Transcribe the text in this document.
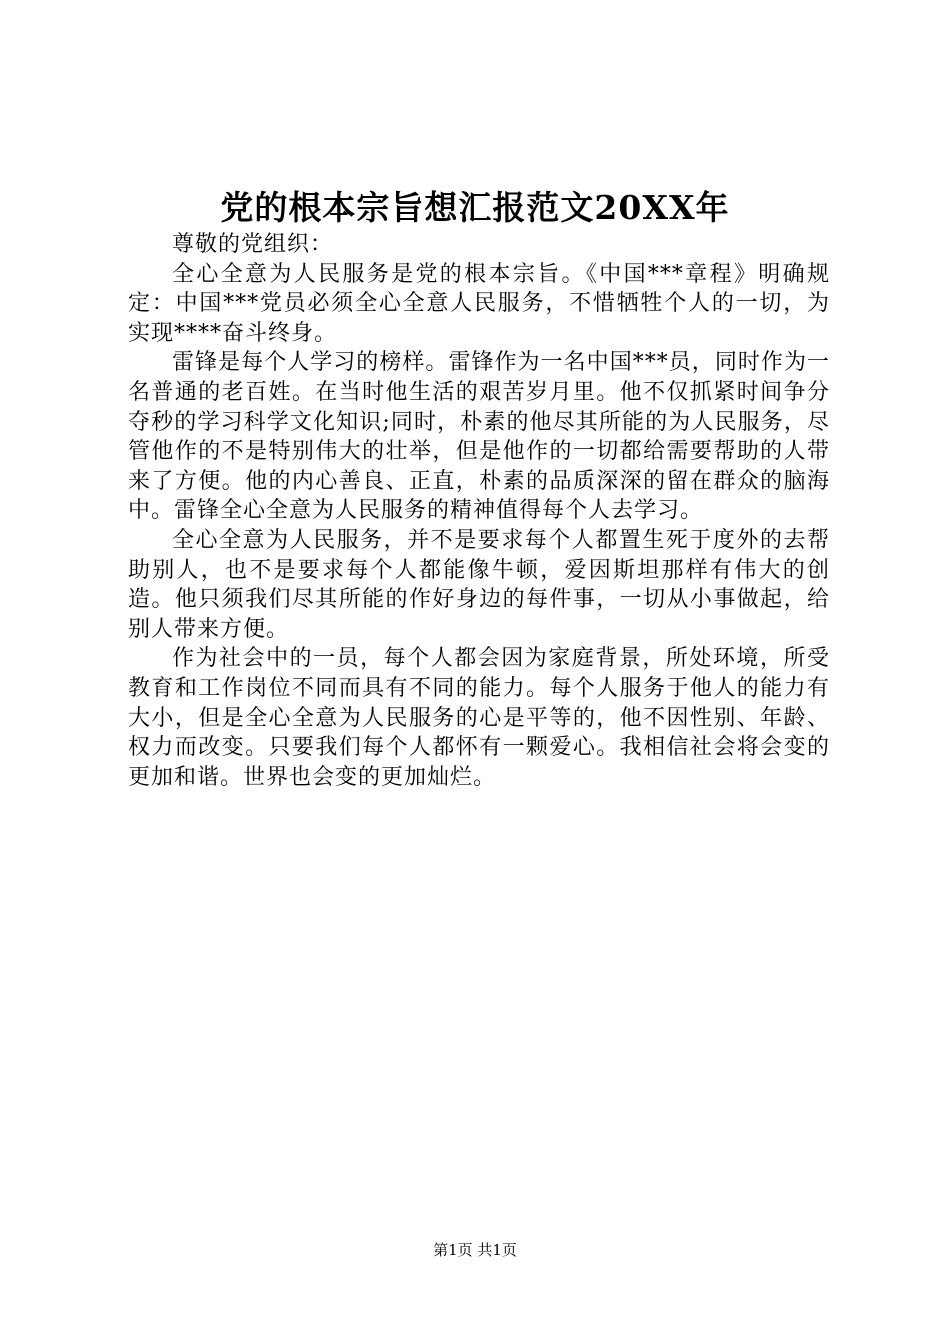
党的根本宗旨想汇报范文20XX年

尊敬的党组织：

全心全意为人民服务是党的根本宗旨。《中国***章程》明确规定：中国***党员必须全心全意人民服务，不惜牺牲个人的一切，为实现****奋斗终身。

雷锋是每个人学习的榜样。雷锋作为一名中国***员，同时作为一名普通的老百姓。在当时他生活的艰苦岁月里。他不仅抓紧时间争分夺秒的学习科学文化知识;同时，朴素的他尽其所能的为人民服务，尽管他作的不是特别伟大的壮举，但是他作的一切都给需要帮助的人带来了方便。他的内心善良、正直，朴素的品质深深的留在群众的脑海中。雷锋全心全意为人民服务的精神值得每个人去学习。

全心全意为人民服务，并不是要求每个人都置生死于度外的去帮助别人，也不是要求每个人都能像牛顿，爱因斯坦那样有伟大的创造。他只须我们尽其所能的作好身边的每件事，一切从小事做起，给别人带来方便。

作为社会中的一员，每个人都会因为家庭背景，所处环境，所受教育和工作岗位不同而具有不同的能力。每个人服务于他人的能力有大小，但是全心全意为人民服务的心是平等的，他不因性别、年龄、权力而改变。只要我们每个人都怀有一颗爱心。我相信社会将会变的更加和谐。世界也会变的更加灿烂。

第1页 共1页
